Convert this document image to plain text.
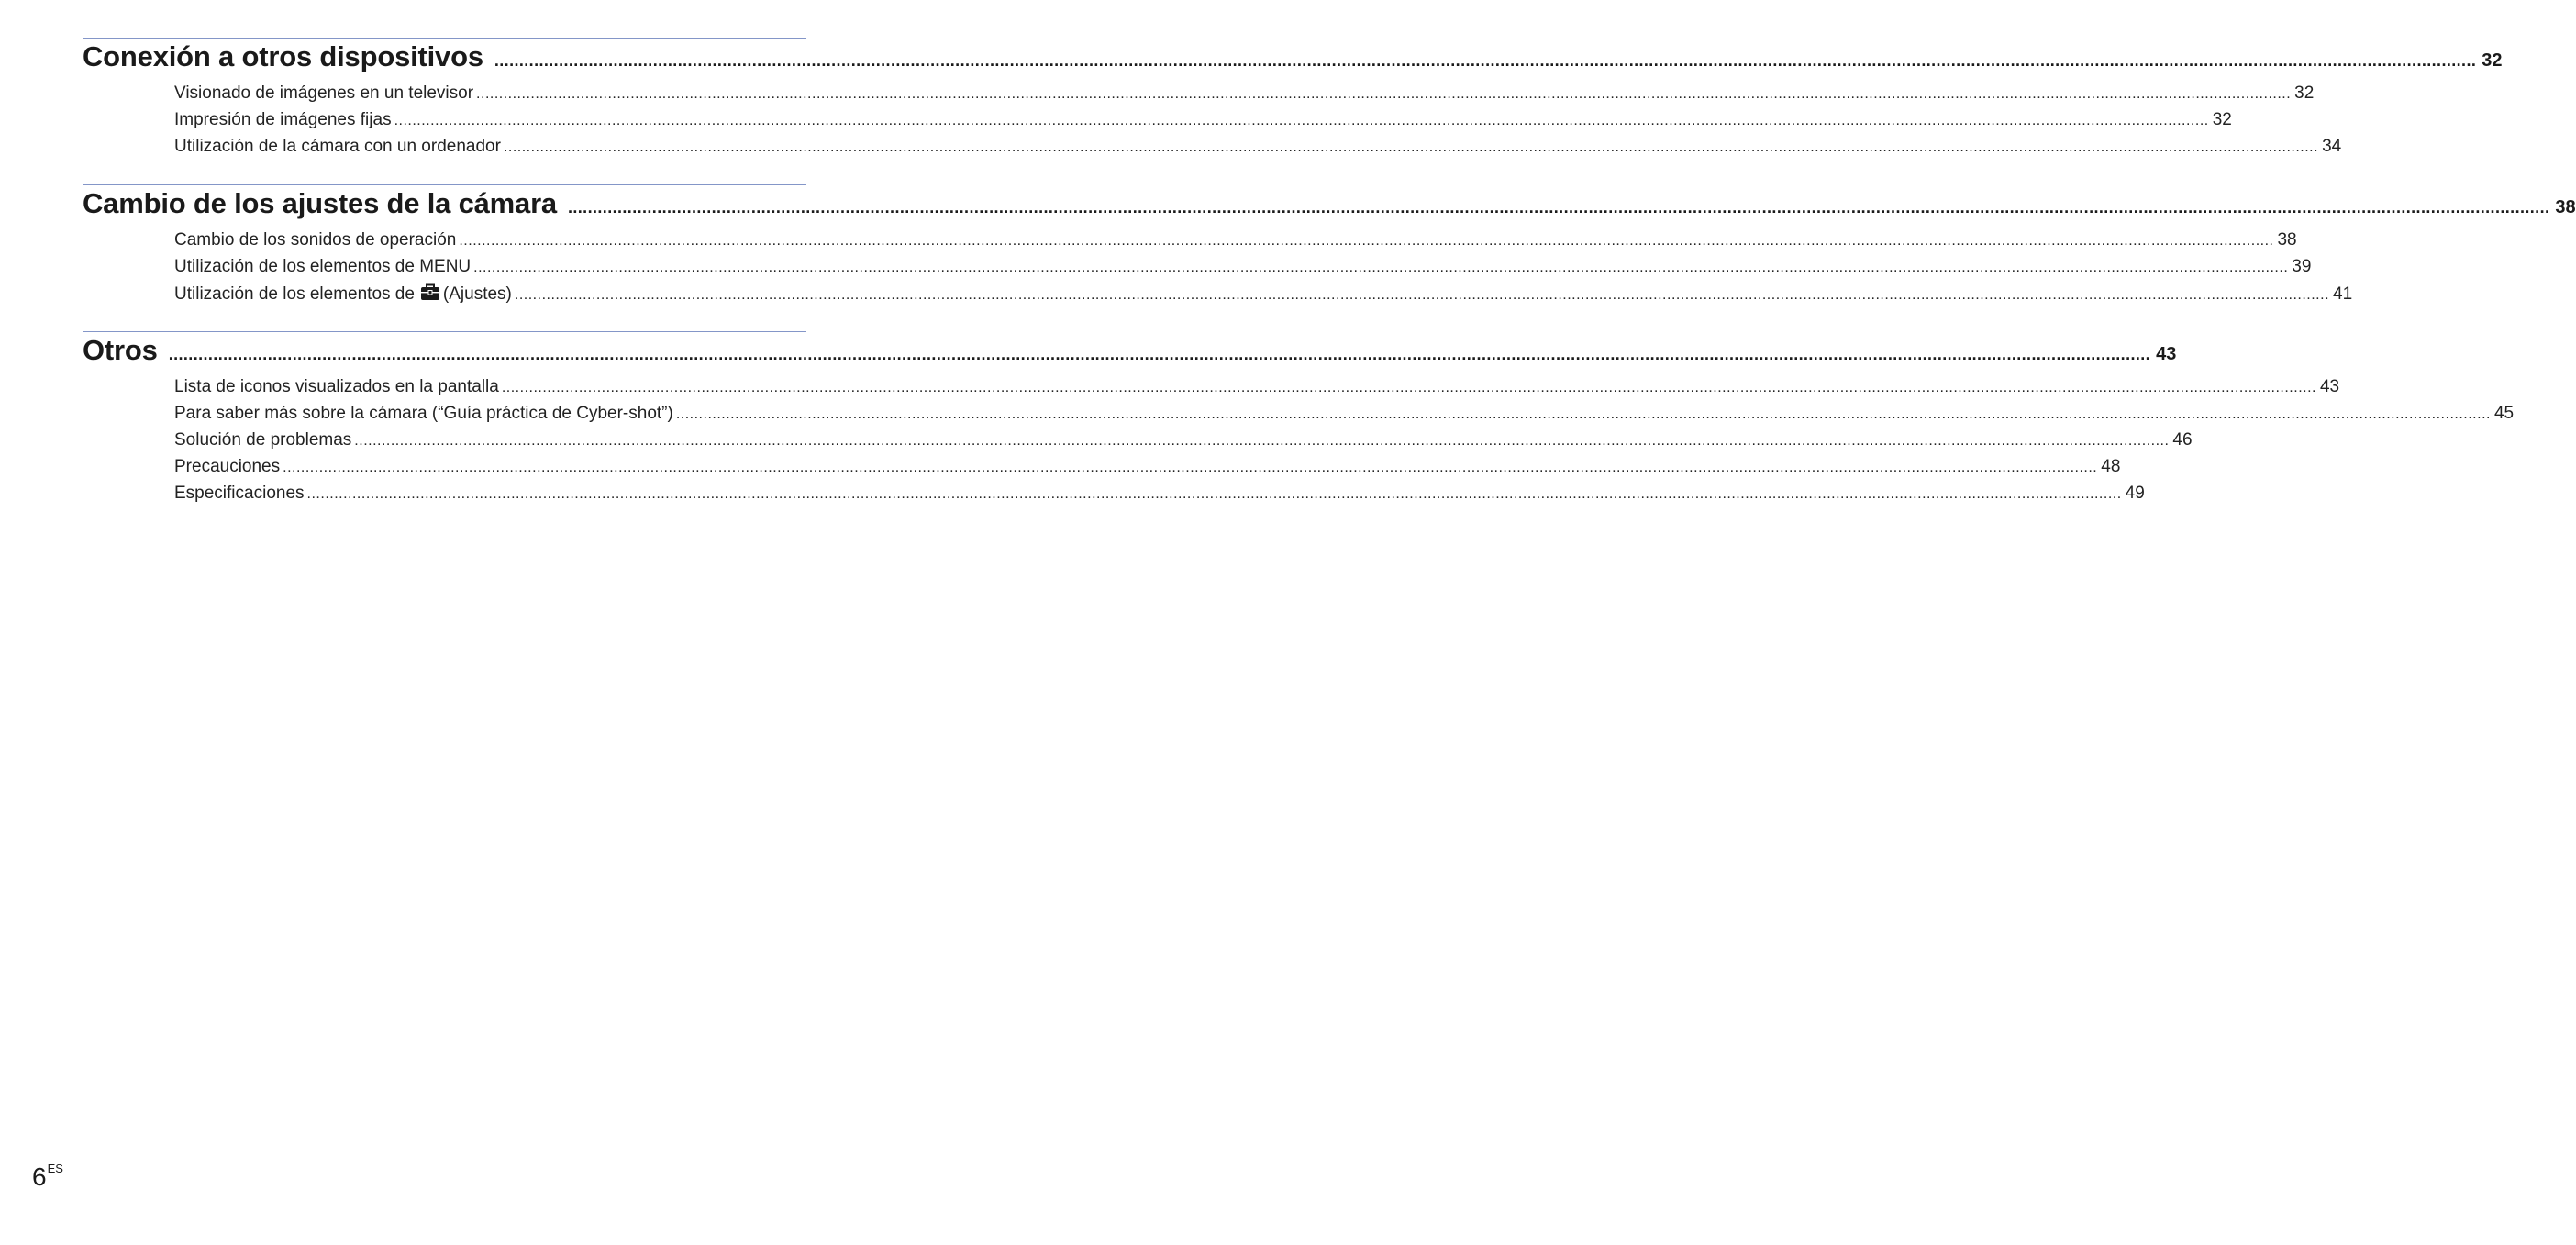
Conexión a otros dispositivos ................................................................................................................................................................................................................................................................................................................................................................................................................ 32
Visionado de imágenes en un televisor ................................................................................................................................................................................................................................................................................................................................................................................................................ 32
Impresión de imágenes fijas ................................................................................................................................................................................................................................................................................................................................................................................................................ 32
Utilización de la cámara con un ordenador ................................................................................................................................................................................................................................................................................................................................................................................................................ 34
Cambio de los ajustes de la cámara ................................................................................................................................................................................................................................................................................................................................................................................................................ 38
Cambio de los sonidos de operación ................................................................................................................................................................................................................................................................................................................................................................................................................ 38
Utilización de los elementos de MENU ................................................................................................................................................................................................................................................................................................................................................................................................................ 39
Utilización de los elementos de (Ajustes) ................................................................................................................................................................................................................................................................................................................................................................................................................ 41
Otros ................................................................................................................................................................................................................................................................................................................................................................................................................ 43
Lista de iconos visualizados en la pantalla ................................................................................................................................................................................................................................................................................................................................................................................................................ 43
Para saber más sobre la cámara (“Guía práctica de Cyber-shot”) ................................................................................................................................................................................................................................................................................................................................................................................................................ 45
Solución de problemas ................................................................................................................................................................................................................................................................................................................................................................................................................ 46
Precauciones ................................................................................................................................................................................................................................................................................................................................................................................................................ 48
Especificaciones ................................................................................................................................................................................................................................................................................................................................................................................................................ 49
$6^{ES}$
